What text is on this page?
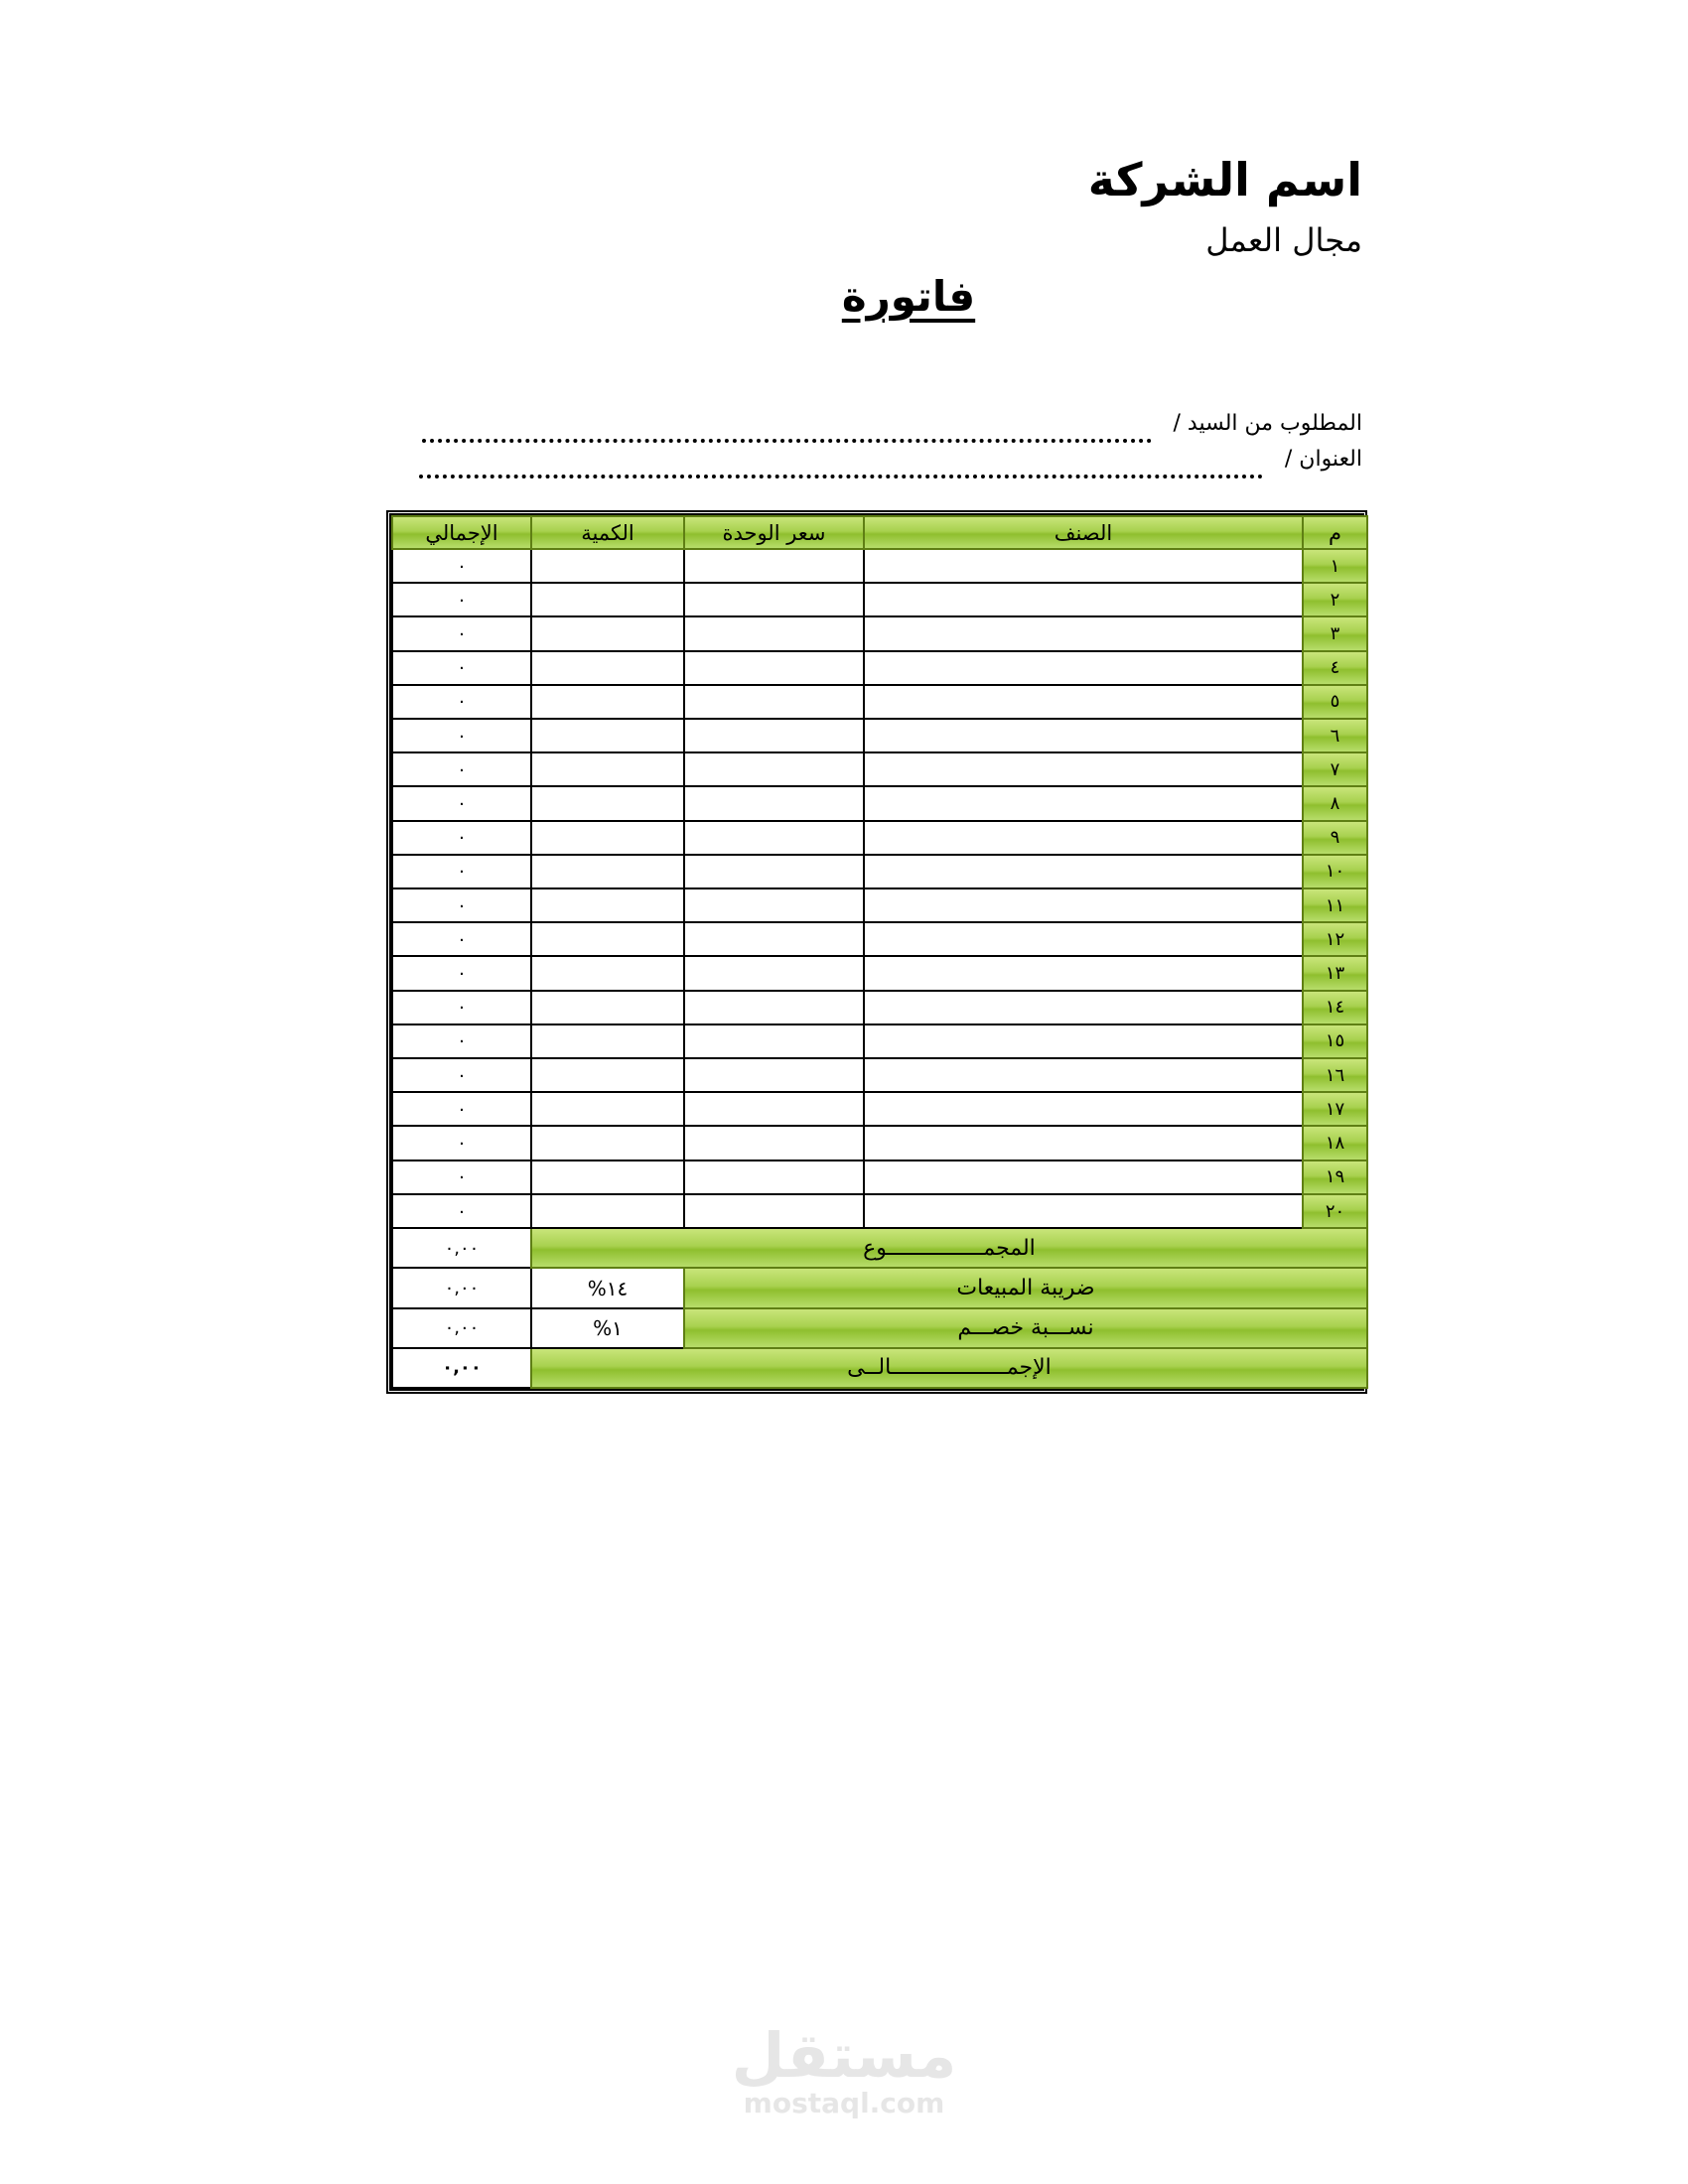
اسم الشركة
مجال العمل
فاتورة
المطلوب من السيد /
العنوان /
م	الصنف	سعر الوحدة	الكمية	الإجمالي
١				٠
٢				٠
٣				٠
٤				٠
٥				٠
٦				٠
٧				٠
٨				٠
٩				٠
١٠				٠
١١				٠
١٢				٠
١٣				٠
١٤				٠
١٥				٠
١٦				٠
١٧				٠
١٨				٠
١٩				٠
٢٠				٠
المجمـــــــــــــــوع				٠,٠٠
ضريبة المبيعات			١٤%	٠,٠٠
نســـبة خصـــم			١%	٠,٠٠
الإجمــــــــــــــــــالــى				٠,٠٠
مستقل
mostaql.com
